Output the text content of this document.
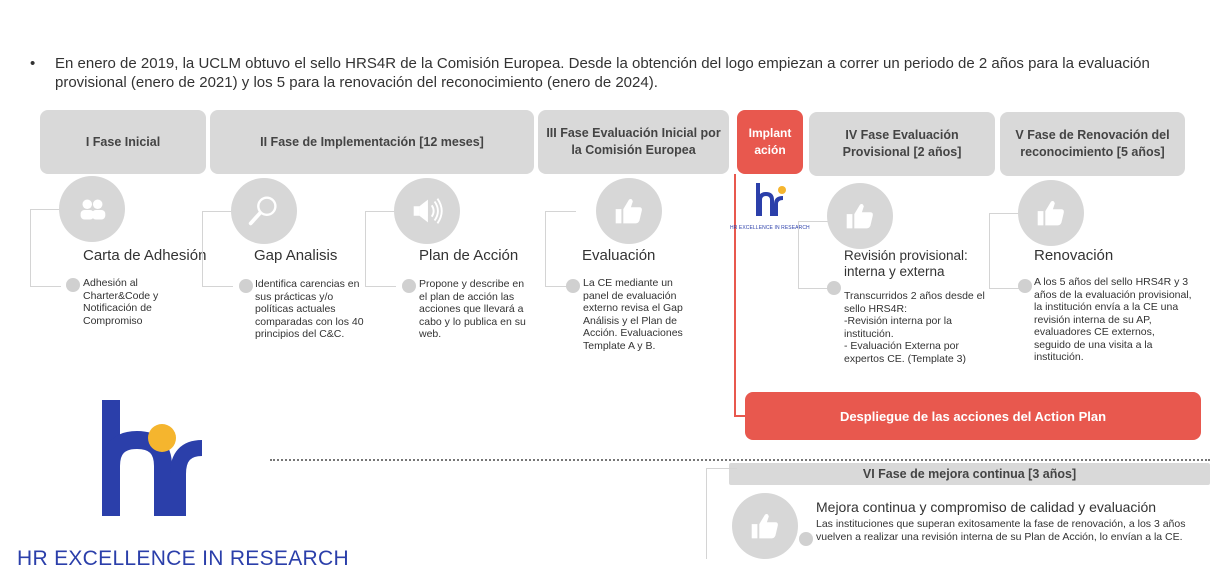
• En enero de 2019, la UCLM obtuvo el sello HRS4R de la Comisión Europea. Desde la obtención del logo empiezan a correr un periodo de 2 años para la evaluación provisional (enero de 2021) y los 5 para la renovación del reconocimiento (enero de 2024).
I Fase Inicial	II Fase de Implementación [12 meses]
III Fase Evaluación Inicial por la Comisión Europea
Implant ación
IV Fase Evaluación Provisional [2 años]
V Fase de Renovación del reconocimiento [5 años]
HR EXCELLENCE IN RESEARCH
Carta de Adhesión
Adhesión al Charter&Code y Notificación de Compromiso
Gap Analisis
Identifica carencias en sus prácticas y/o políticas actuales comparadas con los 40 principios del C&C.
Plan de Acción
Propone y describe en el plan de acción las acciones que llevará a cabo y lo publica en su web.
Evaluación
La CE mediante un panel de evaluación externo revisa el Gap Análisis y el Plan de Acción. Evaluaciones Template A y B.
Revisión provisional: interna y externa
Transcurridos 2 años desde el sello HRS4R:
-Revisión interna por la institución.
- Evaluación Externa por expertos CE. (Template 3)
Renovación
A los 5 años del sello HRS4R y 3 años de la evaluación provisional, la institución envía a la CE una revisión interna de su AP, evaluadores CE externos, seguido de una visita a la institución.
Despliegue de las acciones del Action Plan
HR EXCELLENCE IN RESEARCH
VI Fase de mejora continua [3 años]
Mejora continua y compromiso de calidad y evaluación
Las instituciones que superan exitosamente la fase de renovación, a los 3 años vuelven a realizar una revisión interna de su Plan de Acción, lo envían a la CE.
